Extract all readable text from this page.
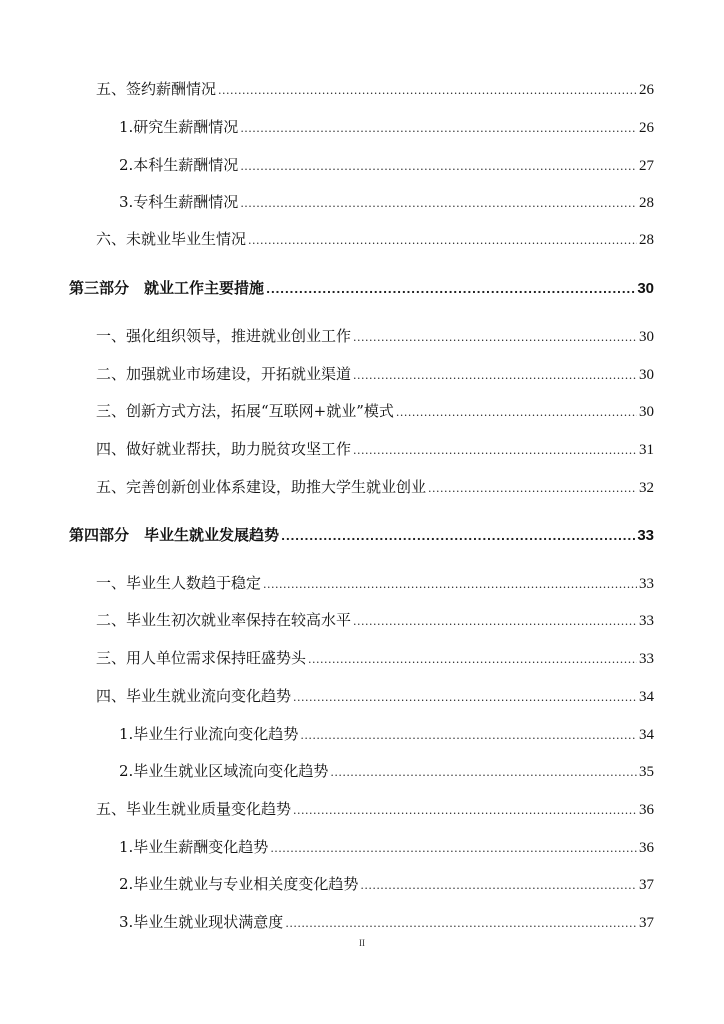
五、签约薪酬情况 .....	26
1.研究生薪酬情况 .....	26
2.本科生薪酬情况 .....	27
3.专科生薪酬情况 .....	28
六、未就业毕业生情况 .....	28
第三部分　就业工作主要措施 .....	30
一、强化组织领导，推进就业创业工作 .....	30
二、加强就业市场建设，开拓就业渠道 .....	30
三、创新方式方法，拓展“互联网+就业”模式 .....	30
四、做好就业帮扶，助力脱贫攻坚工作 .....	31
五、完善创新创业体系建设，助推大学生就业创业 .....	32
第四部分　毕业生就业发展趋势 .....	33
一、毕业生人数趋于稳定 .....	33
二、毕业生初次就业率保持在较高水平 .....	33
三、用人单位需求保持旺盛势头 .....	33
四、毕业生就业流向变化趋势 .....	34
1.毕业生行业流向变化趋势 .....	34
2.毕业生就业区域流向变化趋势 .....	35
五、毕业生就业质量变化趋势 .....	36
1.毕业生薪酬变化趋势 .....	36
2.毕业生就业与专业相关度变化趋势 .....	37
3.毕业生就业现状满意度 .....	37
II
